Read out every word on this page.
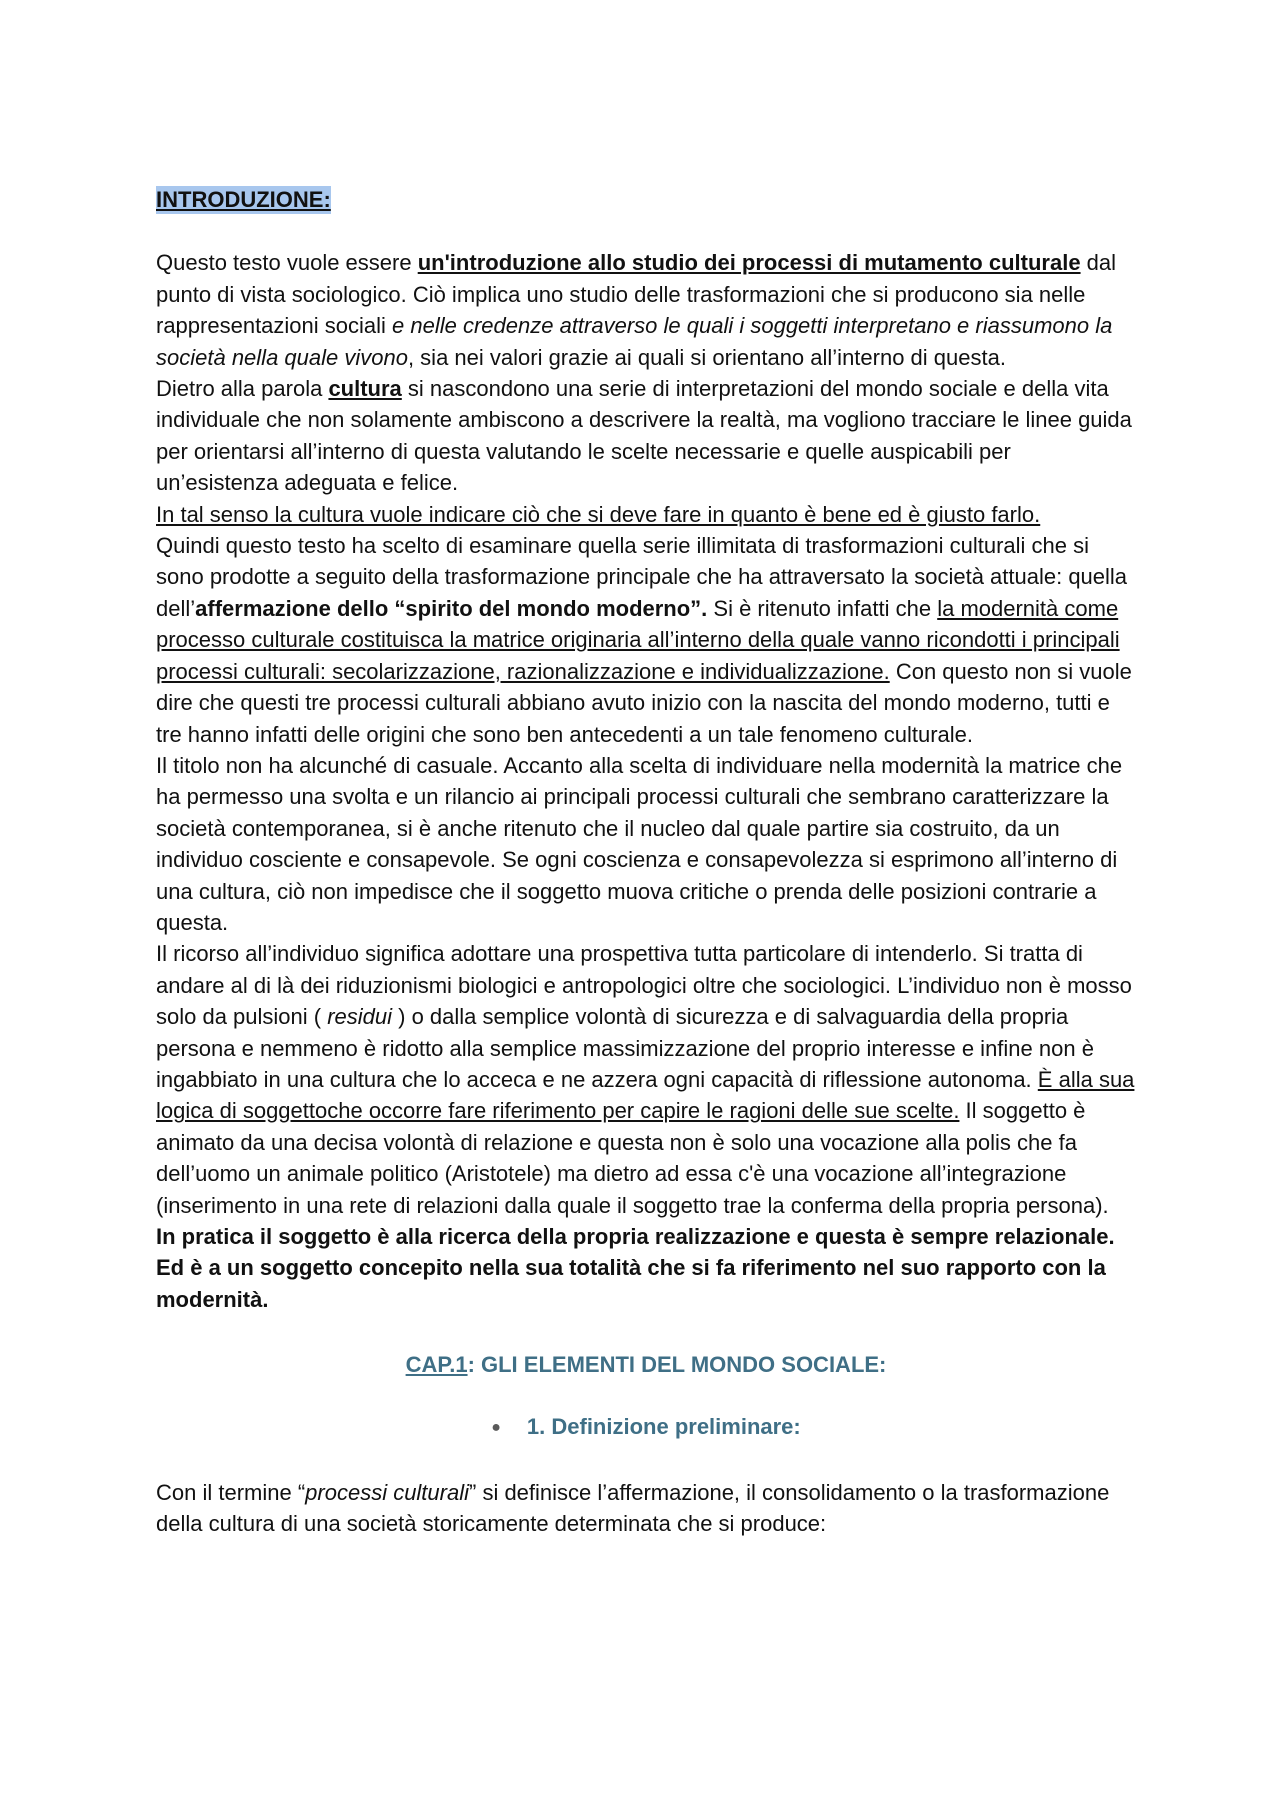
INTRODUZIONE:

Questo testo vuole essere un'introduzione allo studio dei processi di mutamento culturale dal punto di vista sociologico. Ciò implica uno studio delle trasformazioni che si producono sia nelle rappresentazioni sociali e nelle credenze attraverso le quali i soggetti interpretano e riassumono la società nella quale vivono, sia nei valori grazie ai quali si orientano all’interno di questa.

Dietro alla parola cultura si nascondono una serie di interpretazioni del mondo sociale e della vita individuale che non solamente ambiscono a descrivere la realtà, ma vogliono tracciare le linee guida per orientarsi all’interno di questa valutando le scelte necessarie e quelle auspicabili per un’esistenza adeguata e felice.

In tal senso la cultura vuole indicare ciò che si deve fare in quanto è bene ed è giusto farlo.

Quindi questo testo ha scelto di esaminare quella serie illimitata di trasformazioni culturali che si sono prodotte a seguito della trasformazione principale che ha attraversato la società attuale: quella dell’affermazione dello “spirito del mondo moderno”. Si è ritenuto infatti che la modernità come processo culturale costituisca la matrice originaria all’interno della quale vanno ricondotti i principali processi culturali: secolarizzazione, razionalizzazione e individualizzazione. Con questo non si vuole dire che questi tre processi culturali abbiano avuto inizio con la nascita del mondo moderno, tutti e tre hanno infatti delle origini che sono ben antecedenti a un tale fenomeno culturale.

Il titolo non ha alcunché di casuale. Accanto alla scelta di individuare nella modernità la matrice che ha permesso una svolta e un rilancio ai principali processi culturali che sembrano caratterizzare la società contemporanea, si è anche ritenuto che il nucleo dal quale partire sia costruito, da un individuo cosciente e consapevole. Se ogni coscienza e consapevolezza si esprimono all’interno di una cultura, ciò non impedisce che il soggetto muova critiche o prenda delle posizioni contrarie a questa.

Il ricorso all’individuo significa adottare una prospettiva tutta particolare di intenderlo. Si tratta di andare al di là dei riduzionismi biologici e antropologici oltre che sociologici. L’individuo non è mosso solo da pulsioni ( residui ) o dalla semplice volontà di sicurezza e di salvaguardia della propria persona e nemmeno è ridotto alla semplice massimizzazione del proprio interesse e infine non è ingabbiato in una cultura che lo acceca e ne azzera ogni capacità di riflessione autonoma. È alla sua logica di soggettoche occorre fare riferimento per capire le ragioni delle sue scelte. Il soggetto è animato da una decisa volontà di relazione e questa non è solo una vocazione alla polis che fa dell’uomo un animale politico (Aristotele) ma dietro ad essa c'è una vocazione all’integrazione (inserimento in una rete di relazioni dalla quale il soggetto trae la conferma della propria persona).

In pratica il soggetto è alla ricerca della propria realizzazione e questa è sempre relazionale. Ed è a un soggetto concepito nella sua totalità che si fa riferimento nel suo rapporto con la modernità.

CAP.1: GLI ELEMENTI DEL MONDO SOCIALE:
● 1. Definizione preliminare:

Con il termine “processi culturali” si definisce l’affermazione, il consolidamento o la trasformazione della cultura di una società storicamente determinata che si produce:
